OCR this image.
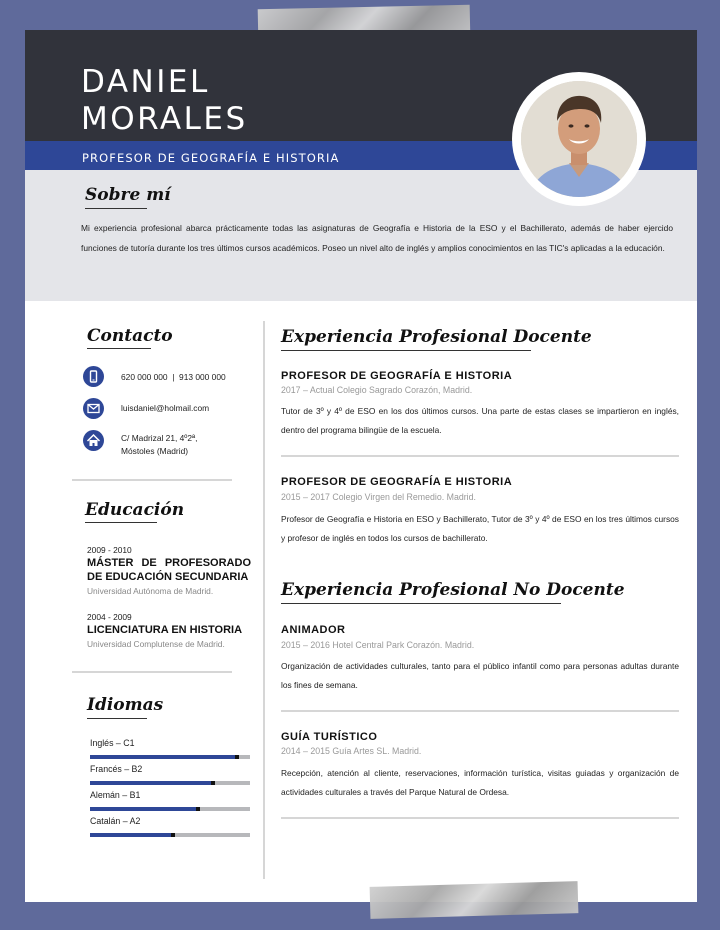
DANIEL
MORALES
PROFESOR DE GEOGRAFÍA E HISTORIA
Sobre mí
Mi experiencia profesional abarca prácticamente todas las asignaturas de Geografía e Historia de la ESO y el Bachillerato, además de haber ejercido funciones de tutoría durante los tres últimos cursos académicos. Poseo un nivel alto de inglés y amplios conocimientos en las TIC's aplicadas a la educación.
Contacto
620 000 000  |  913 000 000
luisdaniel@holmail.com
C/ Madrizal 21, 4º2ª, Móstoles (Madrid)
Educación
2009 - 2010
MÁSTER DE PROFESORADO DE EDUCACIÓN SECUNDARIA
Universidad Autónoma de Madrid.
2004 - 2009
LICENCIATURA EN HISTORIA
Universidad Complutense de Madrid.
Idiomas
Inglés – C1
Francés – B2
Alemán – B1
Catalán – A2
Experiencia Profesional Docente
PROFESOR DE GEOGRAFÍA E HISTORIA
2017 – Actual Colegio Sagrado Corazón, Madrid.
Tutor de 3º y 4º de ESO en los dos últimos cursos. Una parte de estas clases se impartieron en inglés, dentro del programa bilingüe de la escuela.
PROFESOR DE GEOGRAFÍA E HISTORIA
2015 – 2017 Colegio Virgen del Remedio. Madrid.
Profesor de Geografía e Historia en ESO y Bachillerato, Tutor de 3º y 4º de ESO en los tres últimos cursos y profesor de inglés en todos los cursos de bachillerato.
Experiencia Profesional No Docente
ANIMADOR
2015 – 2016 Hotel Central Park Corazón. Madrid.
Organización de actividades culturales, tanto para el público infantil como para personas adultas durante los fines de semana.
GUÍA TURÍSTICO
2014 – 2015 Guía Artes SL. Madrid.
Recepción, atención al cliente, reservaciones, información turística, visitas guiadas y organización de actividades culturales a través del Parque Natural de Ordesa.
